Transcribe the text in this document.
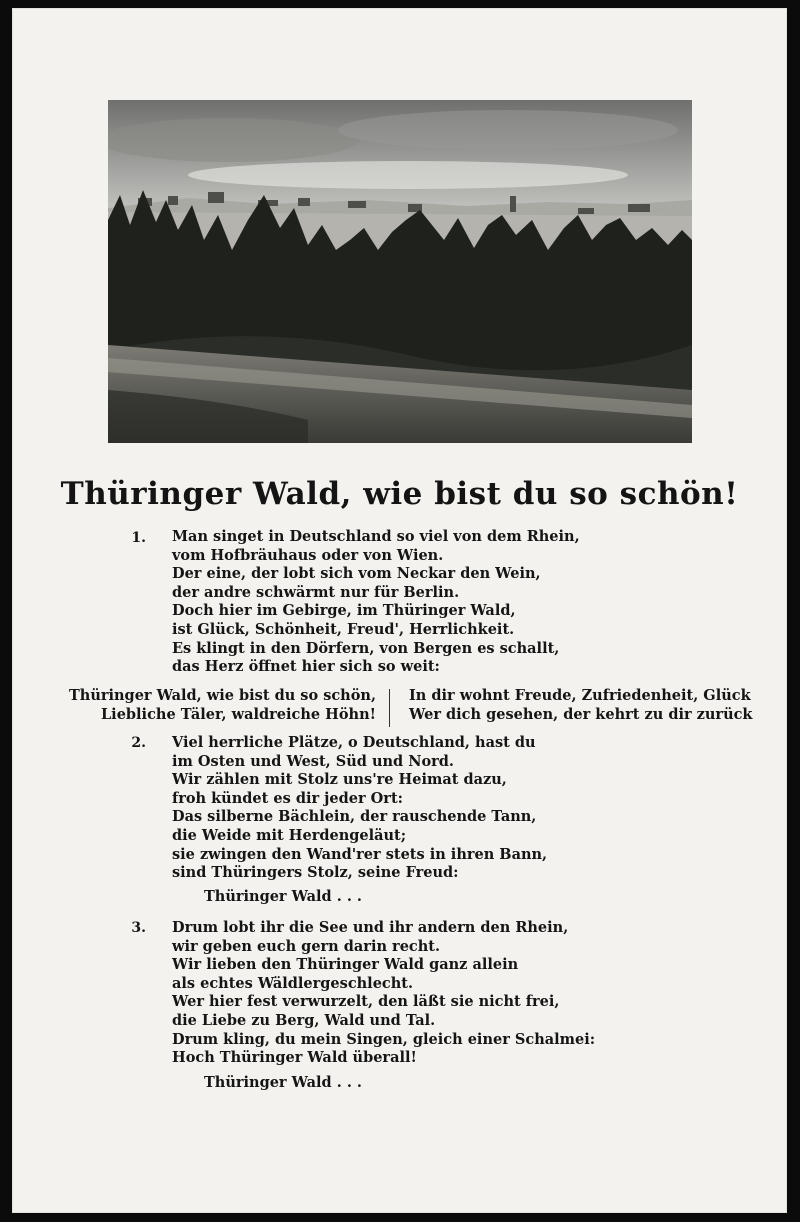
Thüringer Wald, wie bist du so schön!
1. Man singet in Deutschland so viel von dem Rhein,
vom Hofbräuhaus oder von Wien.
Der eine, der lobt sich vom Neckar den Wein,
der andre schwärmt nur für Berlin.
Doch hier im Gebirge, im Thüringer Wald,
ist Glück, Schönheit, Freud', Herrlichkeit.
Es klingt in den Dörfern, von Bergen es schallt,
das Herz öffnet hier sich so weit:
Thüringer Wald, wie bist du so schön,
Liebliche Täler, waldreiche Höhn!
In dir wohnt Freude, Zufriedenheit, Glück
Wer dich gesehen, der kehrt zu dir zurück
2. Viel herrliche Plätze, o Deutschland, hast du
im Osten und West, Süd und Nord.
Wir zählen mit Stolz uns're Heimat dazu,
froh kündet es dir jeder Ort:
Das silberne Bächlein, der rauschende Tann,
die Weide mit Herdengeläut;
sie zwingen den Wand'rer stets in ihren Bann,
sind Thüringers Stolz, seine Freud:
Thüringer Wald . . .
3. Drum lobt ihr die See und ihr andern den Rhein,
wir geben euch gern darin recht.
Wir lieben den Thüringer Wald ganz allein
als echtes Wäldlergeschlecht.
Wer hier fest verwurzelt, den läßt sie nicht frei,
die Liebe zu Berg, Wald und Tal.
Drum kling, du mein Singen, gleich einer Schalmei:
Hoch Thüringer Wald überall!
Thüringer Wald . . .
